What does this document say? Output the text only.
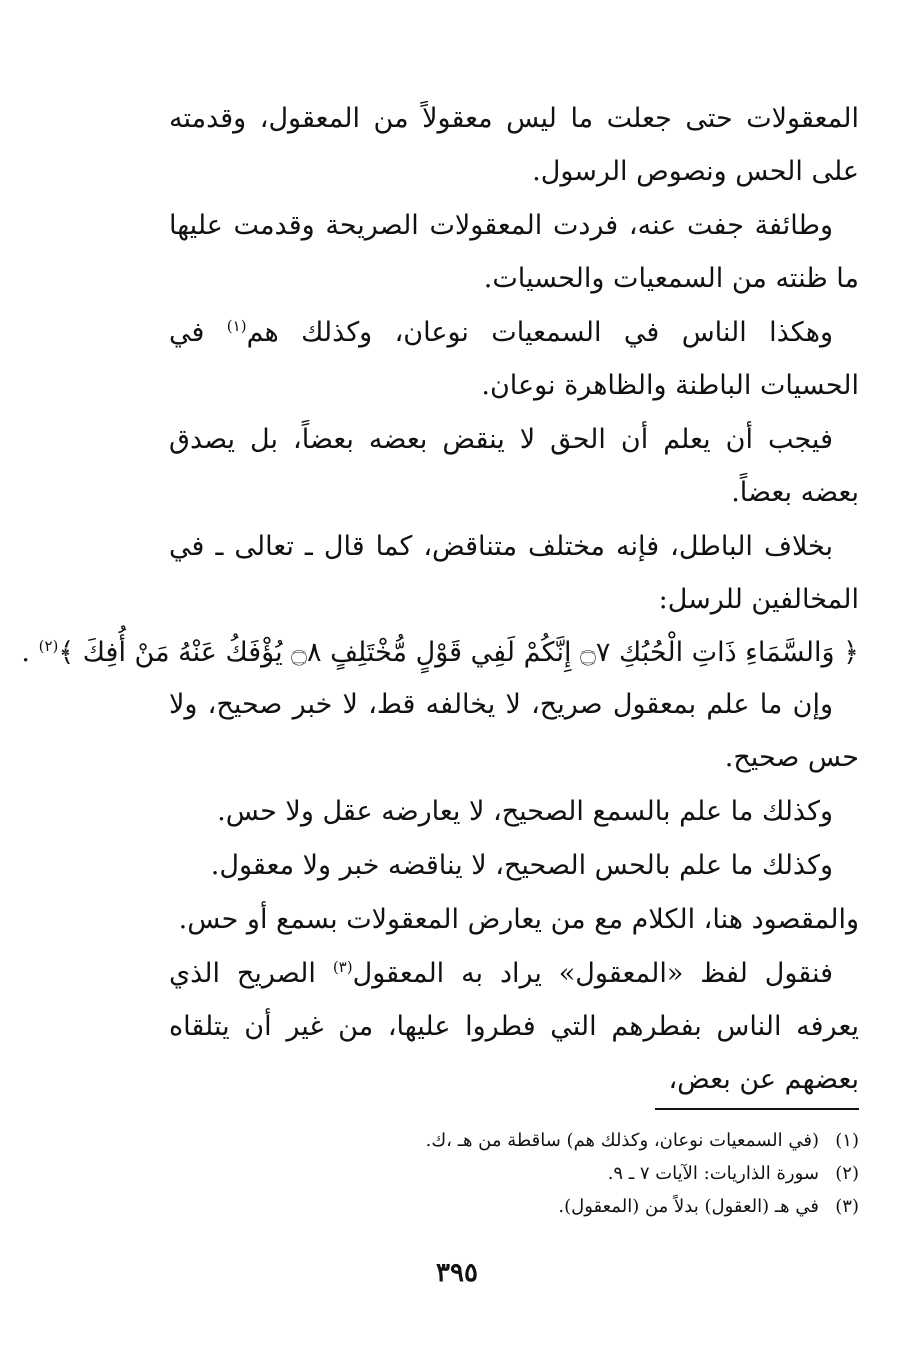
المعقولات حتى جعلت ما ليس معقولاً من المعقول، وقدمته على الحس ونصوص الرسول.

وطائفة جفت عنه، فردت المعقولات الصريحة وقدمت عليها ما ظنته من السمعيات والحسيات.

وهكذا الناس في السمعيات نوعان، وكذلك هم$^{(١)}$ في الحسيات الباطنة والظاهرة نوعان.

فيجب أن يعلم أن الحق لا ينقض بعضه بعضاً، بل يصدق بعضه بعضاً.

بخلاف الباطل، فإنه مختلف متناقض، كما قال ـ تعالى ـ في المخالفين للرسل:

﴿ وَالسَّمَاءِ ذَاتِ الْحُبُكِ ۝٧ إِنَّكُمْ لَفِي قَوْلٍ مُّخْتَلِفٍ ۝٨ يُؤْفَكُ عَنْهُ مَنْ أُفِكَ ﴾$^{(٢)}$ .

وإن ما علم بمعقول صريح، لا يخالفه قط، لا خبر صحيح، ولا حس صحيح.

وكذلك ما علم بالسمع الصحيح، لا يعارضه عقل ولا حس.

وكذلك ما علم بالحس الصحيح، لا يناقضه خبر ولا معقول.

والمقصود هنا، الكلام مع من يعارض المعقولات بسمع أو حس.

فنقول لفظ «المعقول» يراد به المعقول$^{(٣)}$ الصريح الذي يعرفه الناس بفطرهم التي فطروا عليها، من غير أن يتلقاه بعضهم عن بعض،

(١)(في السمعيات نوعان، وكذلك هم) ساقطة من هـ ،ك.

(٢)سورة الذاريات: الآيات ٧ ـ ٩.

(٣)في هـ (العقول) بدلاً من (المعقول).

٣٩٥
